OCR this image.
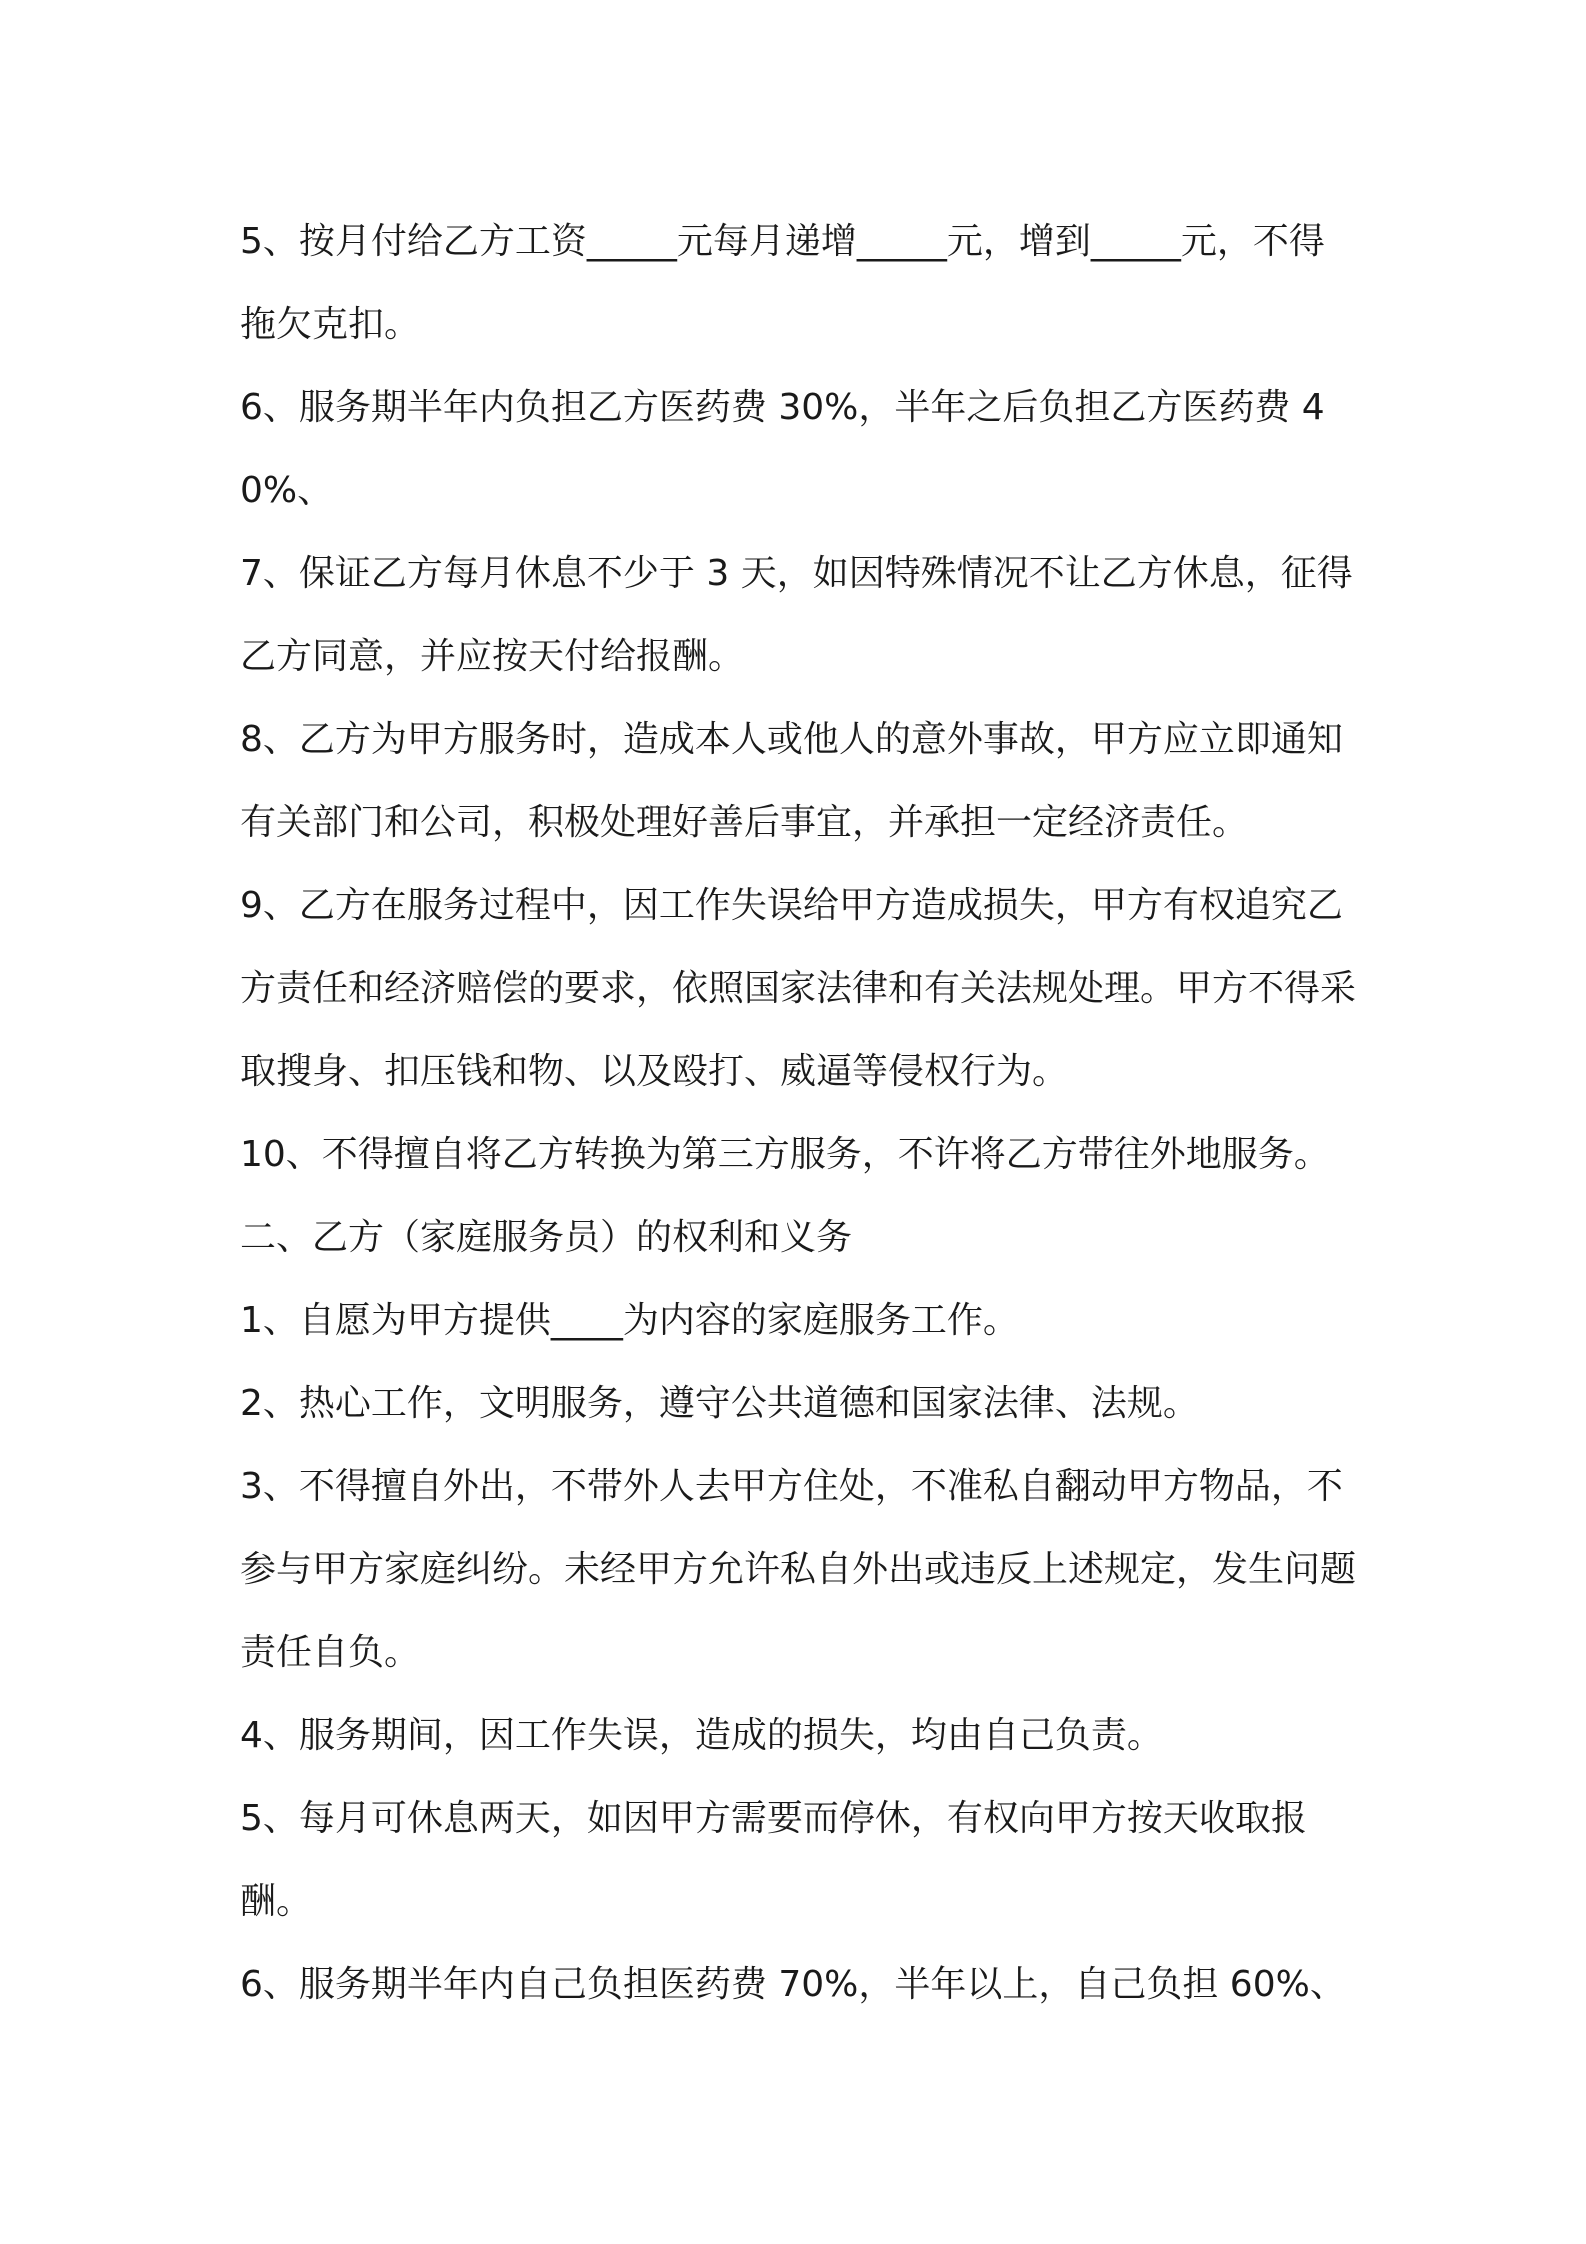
5、按月付给乙方工资_____元每月递增_____元，增到_____元，不得拖欠克扣。

6、服务期半年内负担乙方医药费 30%，半年之后负担乙方医药费 40%、

7、保证乙方每月休息不少于 3 天，如因特殊情况不让乙方休息，征得乙方同意，并应按天付给报酬。

8、乙方为甲方服务时，造成本人或他人的意外事故，甲方应立即通知有关部门和公司，积极处理好善后事宜，并承担一定经济责任。

9、乙方在服务过程中，因工作失误给甲方造成损失，甲方有权追究乙方责任和经济赔偿的要求，依照国家法律和有关法规处理。甲方不得采取搜身、扣压钱和物、以及殴打、威逼等侵权行为。

10、不得擅自将乙方转换为第三方服务，不许将乙方带往外地服务。

二、乙方（家庭服务员）的权利和义务

1、自愿为甲方提供____为内容的家庭服务工作。

2、热心工作，文明服务，遵守公共道德和国家法律、法规。

3、不得擅自外出，不带外人去甲方住处，不准私自翻动甲方物品，不参与甲方家庭纠纷。未经甲方允许私自外出或违反上述规定，发生问题责任自负。

4、服务期间，因工作失误，造成的损失，均由自己负责。

5、每月可休息两天，如因甲方需要而停休，有权向甲方按天收取报酬。

6、服务期半年内自己负担医药费 70%，半年以上，自己负担 60%、
